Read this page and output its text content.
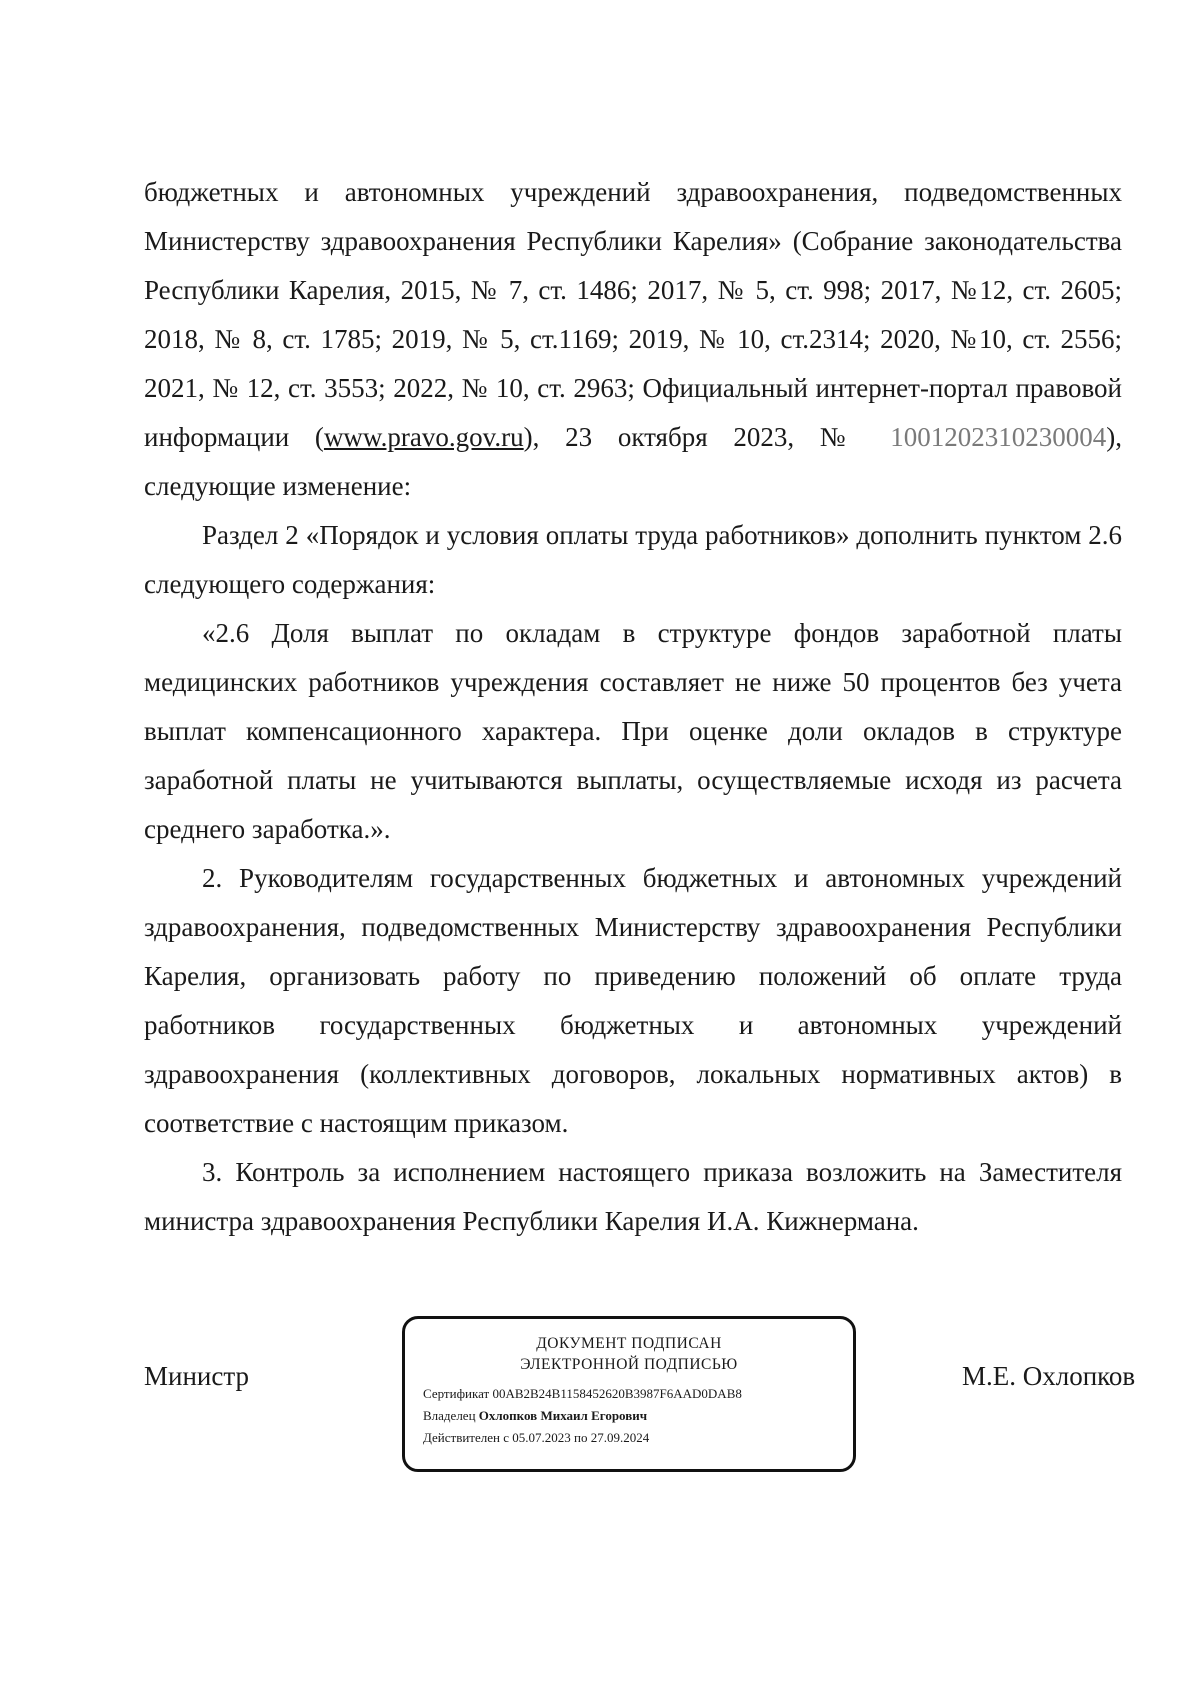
бюджетных и автономных учреждений здравоохранения, подведомственных Министерству здравоохранения Республики Карелия» (Собрание законодательства Республики Карелия, 2015, № 7, ст. 1486; 2017, № 5, ст. 998; 2017, №12, ст. 2605; 2018, № 8, ст. 1785; 2019, № 5, ст.1169; 2019, № 10, ст.2314; 2020, №10, ст. 2556; 2021, № 12, ст. 3553; 2022, № 10, ст. 2963; Официальный интернет-портал правовой информации (www.pravo.gov.ru), 23 октября 2023, № 1001202310230004), следующие изменение:

Раздел 2 «Порядок и условия оплаты труда работников» дополнить пунктом 2.6 следующего содержания:

«2.6 Доля выплат по окладам в структуре фондов заработной платы медицинских работников учреждения составляет не ниже 50 процентов без учета выплат компенсационного характера. При оценке доли окладов в структуре заработной платы не учитываются выплаты, осуществляемые исходя из расчета среднего заработка.».

2. Руководителям государственных бюджетных и автономных учреждений здравоохранения, подведомственных Министерству здравоохранения Республики Карелия, организовать работу по приведению положений об оплате труда работников государственных бюджетных и автономных учреждений здравоохранения (коллективных договоров, локальных нормативных актов) в соответствие с настоящим приказом.

3. Контроль за исполнением настоящего приказа возложить на Заместителя министра здравоохранения Республики Карелия И.А. Кижнермана.

Министр
ДОКУМЕНТ ПОДПИСАН
ЭЛЕКТРОННОЙ ПОДПИСЬЮ
Сертификат 00AB2B24B1158452620B3987F6AAD0DAB8
Владелец Охлопков Михаил Егорович
Действителен с 05.07.2023 по 27.09.2024
М.Е. Охлопков
